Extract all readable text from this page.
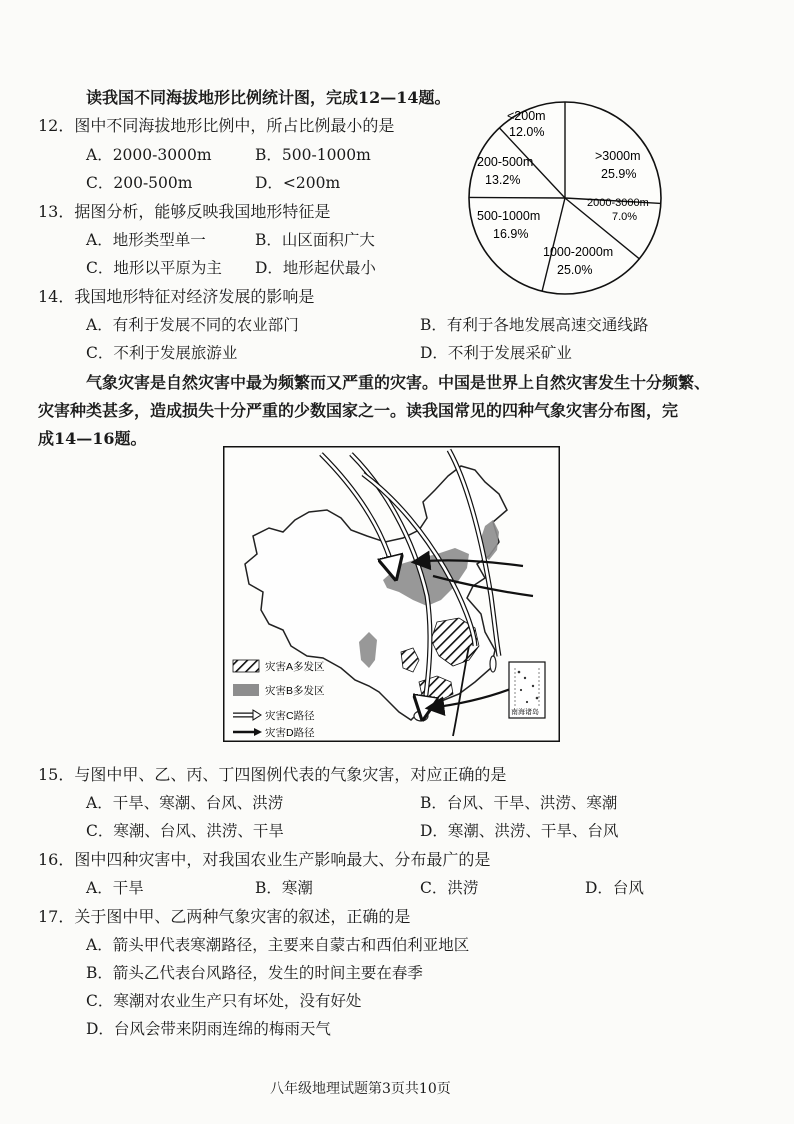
读我国不同海拔地形比例统计图，完成12—14题。
12．图中不同海拔地形比例中，所占比例最小的是
A．2000-3000m	B．500-1000m
C．200-500m	D．<200m
13．据图分析，能够反映我国地形特征是
A．地形类型单一	B．山区面积广大
C．地形以平原为主 D．地形起伏最小
14．我国地形特征对经济发展的影响是
A．有利于发展不同的农业部门	B．有利于各地发展高速交通线路
C．不利于发展旅游业	D．不利于发展采矿业
<200m
12.0%
>3000m
25.9%
2000-3000m
7.0%
1000-2000m
25.0%
500-1000m
16.9%
200-500m
13.2%
气象灾害是自然灾害中最为频繁而又严重的灾害。中国是世界上自然灾害发生十分频繁、
灾害种类甚多，造成损失十分严重的少数国家之一。读我国常见的四种气象灾害分布图，完
成14—16题。
南海诸岛
灾害A多发区
灾害B多发区
灾害C路径
灾害D路径
15．与图中甲、乙、丙、丁四图例代表的气象灾害，对应正确的是
A．干旱、寒潮、台风、洪涝	B．台风、干旱、洪涝、寒潮
C．寒潮、台风、洪涝、干旱	D．寒潮、洪涝、干旱、台风
16．图中四种灾害中，对我国农业生产影响最大、分布最广的是
A．干旱	B．寒潮	C．洪涝	D．台风
17．关于图中甲、乙两种气象灾害的叙述，正确的是
A．箭头甲代表寒潮路径，主要来自蒙古和西伯利亚地区
B．箭头乙代表台风路径，发生的时间主要在春季
C．寒潮对农业生产只有坏处，没有好处
D．台风会带来阴雨连绵的梅雨天气
八年级地理试题第3页共10页
